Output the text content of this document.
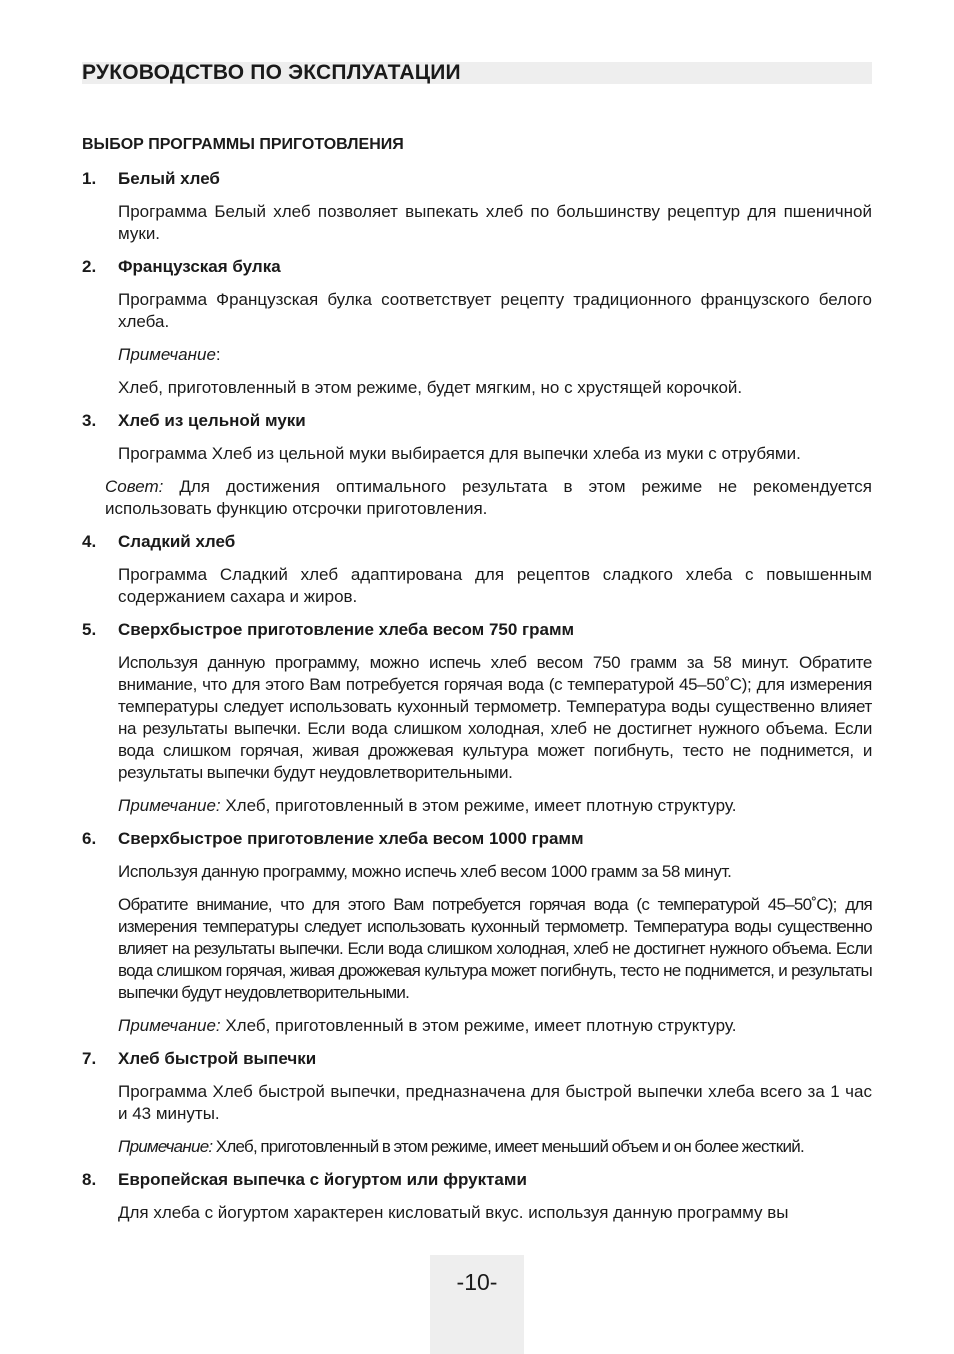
РУКОВОДСТВО ПО ЭКСПЛУАТАЦИИ
ВЫБОР ПРОГРАММЫ ПРИГОТОВЛЕНИЯ
1. Белый хлеб
Программа Белый хлеб позволяет выпекать хлеб по большинству рецептур для пшеничной муки.
2. Французская булка
Программа Французская булка соответствует рецепту традиционного французского белого хлеба.
Примечание:
Хлеб, приготовленный в этом режиме, будет мягким, но с хрустящей корочкой.
3. Хлеб из цельной муки
Программа Хлеб из цельной муки выбирается для выпечки хлеба из муки с отрубями.
Совет: Для достижения оптимального результата в этом режиме не рекомендуется использовать функцию отсрочки приготовления.
4. Сладкий хлеб
Программа Сладкий хлеб адаптирована для рецептов сладкого хлеба с повышенным содержанием сахара и жиров.
5. Сверхбыстрое приготовление хлеба весом 750 грамм
Используя данную программу, можно испечь хлеб весом 750 грамм за 58 минут. Обратите внимание, что для этого Вам потребуется горячая вода (с температурой 45–50˚C); для измерения температуры следует использовать кухонный термометр. Температура воды существенно влияет на результаты выпечки. Если вода слишком холодная, хлеб не достигнет нужного объема. Если вода слишком горячая, живая дрожжевая культура может погибнуть, тесто не поднимется, и результаты выпечки будут неудовлетворительными.
Примечание: Хлеб, приготовленный в этом режиме, имеет плотную структуру.
6. Сверхбыстрое приготовление хлеба весом 1000 грамм
Используя данную программу, можно испечь хлеб весом 1000 грамм за 58 минут.
Обратите внимание, что для этого Вам потребуется горячая вода (с температурой 45–50˚C); для измерения температуры следует использовать кухонный термометр. Температура воды существенно влияет на результаты выпечки. Если вода слишком холодная, хлеб не достигнет нужного объема. Если вода слишком горячая, живая дрожжевая культура может погибнуть, тесто не поднимется, и результаты выпечки будут неудовлетворительными.
Примечание: Хлеб, приготовленный в этом режиме, имеет плотную структуру.
7. Хлеб быстрой выпечки
Программа Хлеб быстрой выпечки, предназначена для быстрой выпечки хлеба всего за 1 час и 43 минуты.
Примечание: Хлеб, приготовленный в этом режиме, имеет меньший объем и он более жесткий.
8. Европейская выпечка с йогуртом или фруктами
Для хлеба с йогуртом характерен кисловатый вкус. используя данную программу вы
-10-
